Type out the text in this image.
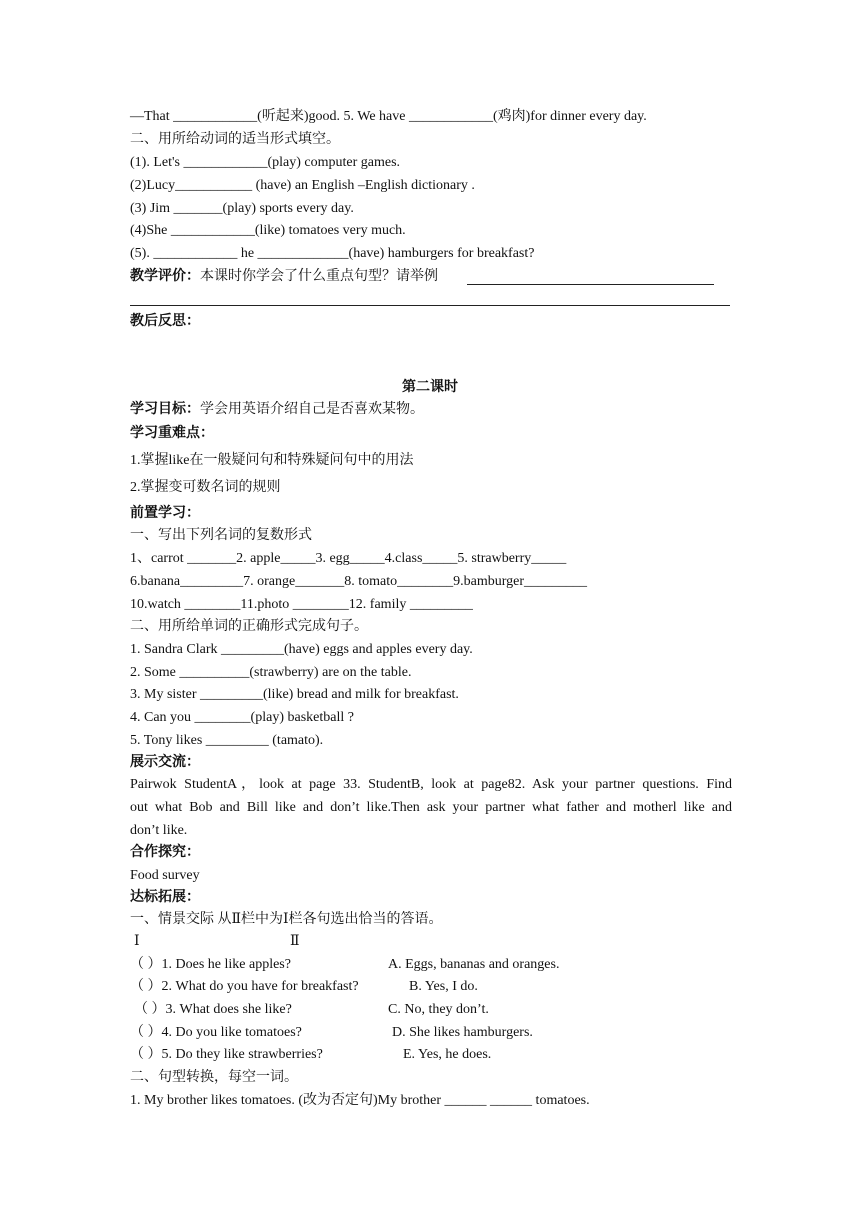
—That ____________(听起来)good. 5. We have ____________(鸡肉)for dinner every day.
二、用所给动词的适当形式填空。
(1). Let's ____________(play) computer games.
(2)Lucy___________ (have) an English –English dictionary .
(3) Jim _______(play) sports every day.
(4)She ____________(like) tomatoes very much.
(5). ____________ he _____________(have) hamburgers for breakfast?
教学评价：本课时你学会了什么重点句型？请举例
教后反思：
第二课时
学习目标：学会用英语介绍自己是否喜欢某物。
学习重难点：
1.掌握like在一般疑问句和特殊疑问句中的用法
2.掌握变可数名词的规则
前置学习：
一、写出下列名词的复数形式
1、carrot _______2. apple_____3. egg_____4.class_____5. strawberry_____
6.banana_________7. orange_______8. tomato________9.bamburger_________
10.watch ________11.photo ________12. family _________
二、用所给单词的正确形式完成句子。
1. Sandra Clark _________(have) eggs and apples every day.
2. Some __________(strawberry) are on the table.
3. My sister _________(like) bread and milk for breakfast.
4. Can you ________(play) basketball ?
5. Tony likes _________ (tamato).
展示交流：
Pairwok StudentA，look at page 33. StudentB, look at page82. Ask your partner questions. Find
out what Bob and Bill like and don’t like.Then ask your partner what father and motherl like and
don’t like.
合作探究：
Food survey
达标拓展：
一、情景交际 从Ⅱ栏中为Ⅰ栏各句选出恰当的答语。
Ⅰ	Ⅱ
（ ）1. Does he like apples?	A. Eggs, bananas and oranges.
（ ）2. What do you have for breakfast?	B. Yes, I do.
（ ）3. What does she like?	C. No, they don’t.
（ ）4. Do you like tomatoes?	D. She likes hamburgers.
（ ）5. Do they like strawberries?	E. Yes, he does.
二、句型转换，每空一词。
1. My brother likes tomatoes. (改为否定句)My brother ______ ______ tomatoes.
